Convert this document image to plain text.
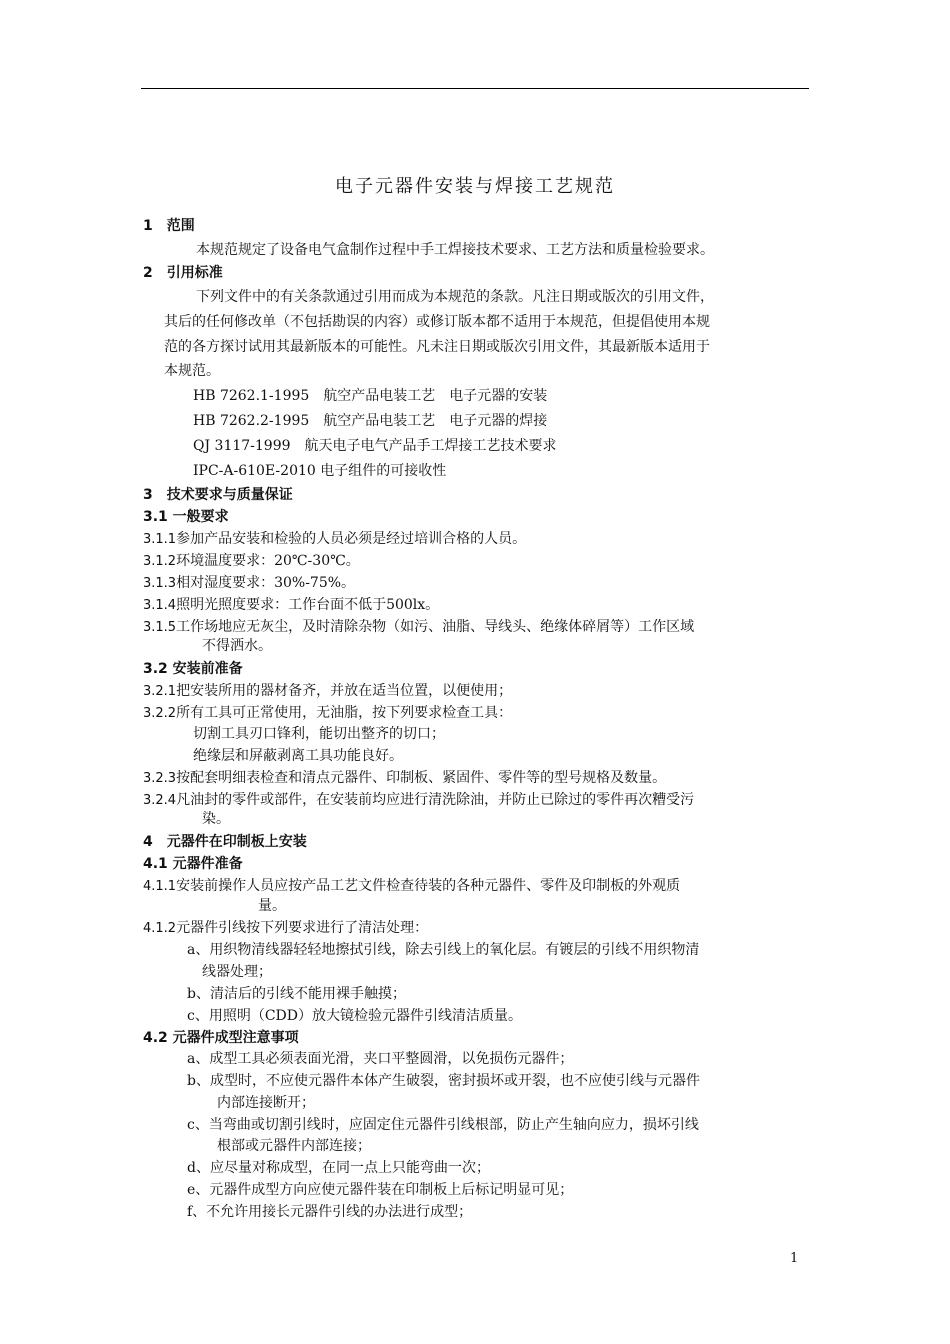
电子元器件安装与焊接工艺规范
1　范围
本规范规定了设备电气盒制作过程中手工焊接技术要求、工艺方法和质量检验要求。
2　引用标准
下列文件中的有关条款通过引用而成为本规范的条款。凡注日期或版次的引用文件，
其后的任何修改单（不包括勘误的内容）或修订版本都不适用于本规范，但提倡使用本规
范的各方探讨试用其最新版本的可能性。凡未注日期或版次引用文件，其最新版本适用于
本规范。
HB 7262.1-1995　航空产品电装工艺　电子元器的安装
HB 7262.2-1995　航空产品电装工艺　电子元器的焊接
QJ 3117-1999　航天电子电气产品手工焊接工艺技术要求
IPC-A-610E-2010 电子组件的可接收性
3　技术要求与质量保证
3.1 一般要求
3.1.1参加产品安装和检验的人员必须是经过培训合格的人员。
3.1.2环境温度要求：20℃-30℃。
3.1.3相对湿度要求：30%-75%。
3.1.4照明光照度要求：工作台面不低于500lx。
3.1.5工作场地应无灰尘，及时清除杂物（如污、油脂、导线头、绝缘体碎屑等）工作区域
不得洒水。
3.2 安装前准备
3.2.1把安装所用的器材备齐，并放在适当位置，以便使用；
3.2.2所有工具可正常使用，无油脂，按下列要求检查工具：
切割工具刃口锋利，能切出整齐的切口；
绝缘层和屏蔽剥离工具功能良好。
3.2.3按配套明细表检查和清点元器件、印制板、紧固件、零件等的型号规格及数量。
3.2.4凡油封的零件或部件，在安装前均应进行清洗除油，并防止已除过的零件再次糟受污
染。
4　元器件在印制板上安装
4.1 元器件准备
4.1.1安装前操作人员应按产品工艺文件检查待装的各种元器件、零件及印制板的外观质
量。
4.1.2元器件引线按下列要求进行了清洁处理：
a、用织物清线器轻轻地擦拭引线，除去引线上的氧化层。有镀层的引线不用织物清
线器处理；
b、清洁后的引线不能用裸手触摸；
c、用照明（CDD）放大镜检验元器件引线清洁质量。
4.2 元器件成型注意事项
a、成型工具必须表面光滑，夹口平整圆滑，以免损伤元器件；
b、成型时，不应使元器件本体产生破裂，密封损坏或开裂，也不应使引线与元器件
内部连接断开；
c、当弯曲或切割引线时，应固定住元器件引线根部，防止产生轴向应力，损坏引线
根部或元器件内部连接；
d、应尽量对称成型，在同一点上只能弯曲一次；
e、元器件成型方向应使元器件装在印制板上后标记明显可见；
f、不允许用接长元器件引线的办法进行成型；
1
